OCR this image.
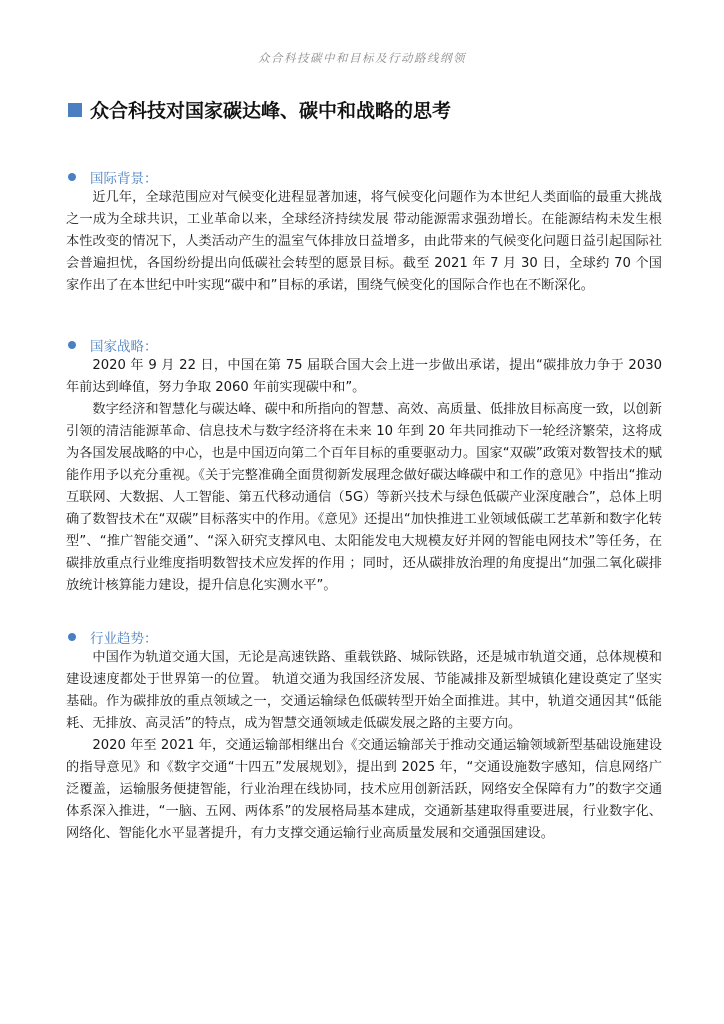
众合科技碳中和目标及行动路线纲领
众合科技对国家碳达峰、碳中和战略的思考
国际背景：

近几年，全球范围应对气候变化进程显著加速，将气候变化问题作为本世纪人类面临的最重大挑战之一成为全球共识，工业革命以来，全球经济持续发展 带动能源需求强劲增长。在能源结构未发生根本性改变的情况下，人类活动产生的温室气体排放日益增多，由此带来的气候变化问题日益引起国际社会普遍担忧，各国纷纷提出向低碳社会转型的愿景目标。截至 2021 年 7 月 30 日，全球约 70 个国家作出了在本世纪中叶实现“碳中和”目标的承诺，围绕气候变化的国际合作也在不断深化。

国家战略：

2020 年 9 月 22 日，中国在第 75 届联合国大会上进一步做出承诺，提出“碳排放力争于 2030 年前达到峰值，努力争取 2060 年前实现碳中和”。

数字经济和智慧化与碳达峰、碳中和所指向的智慧、高效、高质量、低排放目标高度一致，以创新引领的清洁能源革命、信息技术与数字经济将在未来 10 年到 20 年共同推动下一轮经济繁荣，这将成为各国发展战略的中心，也是中国迈向第二个百年目标的重要驱动力。国家“双碳”政策对数智技术的赋能作用予以充分重视。《关于完整准确全面贯彻新发展理念做好碳达峰碳中和工作的意见》中指出“推动互联网、大数据、人工智能、第五代移动通信（5G）等新兴技术与绿色低碳产业深度融合”，总体上明确了数智技术在“双碳”目标落实中的作用。《意见》还提出“加快推进工业领域低碳工艺革新和数字化转型”、“推广智能交通”、“深入研究支撑风电、太阳能发电大规模友好并网的智能电网技术”等任务，在碳排放重点行业维度指明数智技术应发挥的作用 ；同时，还从碳排放治理的角度提出“加强二氧化碳排放统计核算能力建设，提升信息化实测水平”。

行业趋势：

中国作为轨道交通大国，无论是高速铁路、重载铁路、城际铁路，还是城市轨道交通，总体规模和建设速度都处于世界第一的位置。 轨道交通为我国经济发展、节能减排及新型城镇化建设奠定了坚实基础。作为碳排放的重点领域之一，交通运输绿色低碳转型开始全面推进。其中，轨道交通因其“低能耗、无排放、高灵活”的特点，成为智慧交通领域走低碳发展之路的主要方向。

2020 年至 2021 年，交通运输部相继出台《交通运输部关于推动交通运输领域新型基础设施建设的指导意见》和《数字交通“十四五”发展规划》，提出到 2025 年，“交通设施数字感知，信息网络广泛覆盖，运输服务便捷智能，行业治理在线协同，技术应用创新活跃，网络安全保障有力”的数字交通体系深入推进，“一脑、五网、两体系”的发展格局基本建成，交通新基建取得重要进展，行业数字化、网络化、智能化水平显著提升，有力支撑交通运输行业高质量发展和交通强国建设。
